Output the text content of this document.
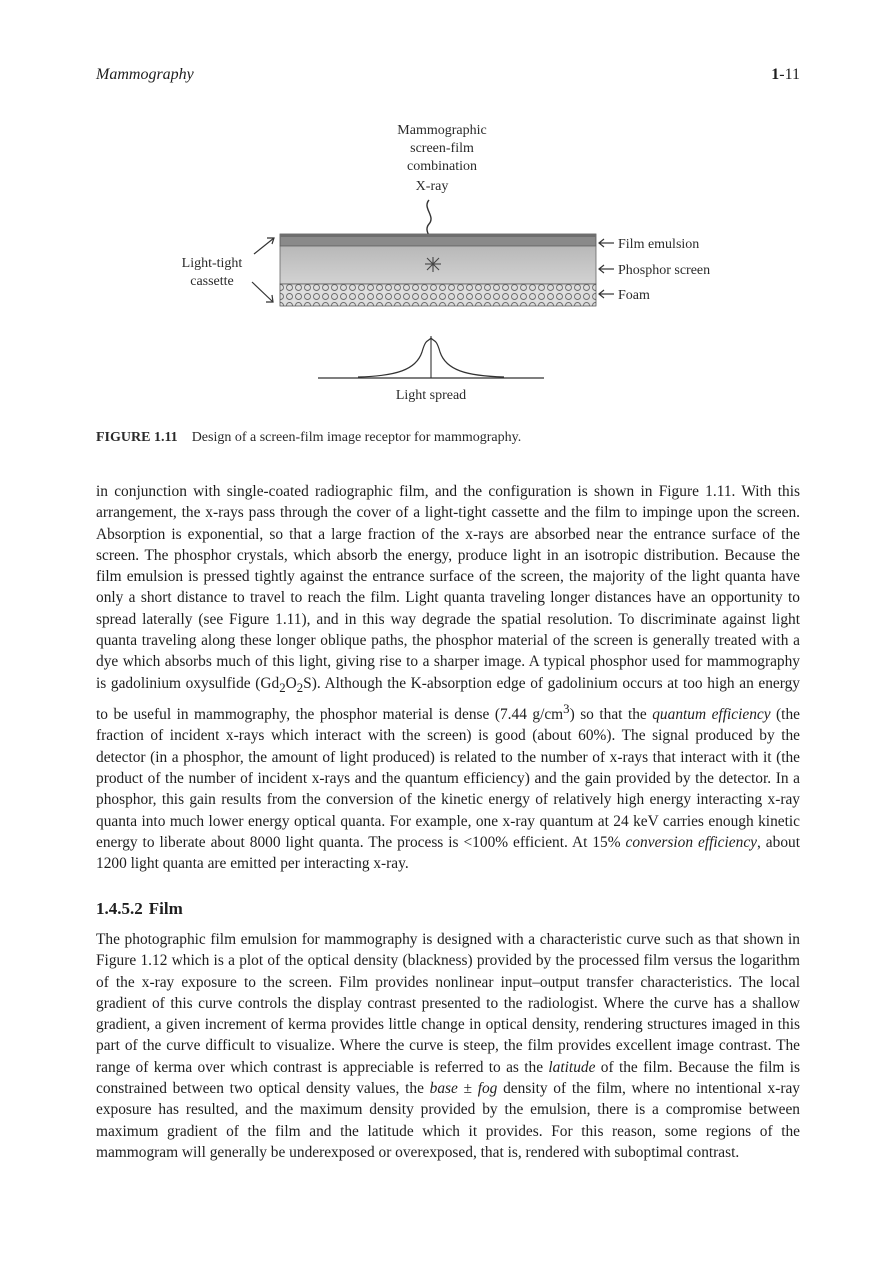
Mammography	1-11
Mammographic
screen-film
combination
X-ray
Light-tight
cassette
Film emulsion
Phosphor screen
Foam
Light spread
FIGURE 1.11 Design of a screen-film image receptor for mammography.

in conjunction with single-coated radiographic film, and the configuration is shown in Figure 1.11. With this arrangement, the x-rays pass through the cover of a light-tight cassette and the film to impinge upon the screen. Absorption is exponential, so that a large fraction of the x-rays are absorbed near the entrance surface of the screen. The phosphor crystals, which absorb the energy, produce light in an isotropic distribution. Because the film emulsion is pressed tightly against the entrance surface of the screen, the majority of the light quanta have only a short distance to travel to reach the film. Light quanta traveling longer distances have an opportunity to spread laterally (see Figure 1.11), and in this way degrade the spatial resolution. To discriminate against light quanta traveling along these longer oblique paths, the phosphor material of the screen is generally treated with a dye which absorbs much of this light, giving rise to a sharper image. A typical phosphor used for mammography is gadolinium oxysulfide $(Gd_2O_2S)$. Although the K-absorption edge of gadolinium occurs at too high an energy to be useful in mammography, the phosphor material is dense (7.44 $g/cm^3$) so that the quantum efficiency (the fraction of incident x-rays which interact with the screen) is good (about 60%). The signal produced by the detector (in a phosphor, the amount of light produced) is related to the number of x-rays that interact with it (the product of the number of incident x-rays and the quantum efficiency) and the gain provided by the detector. In a phosphor, this gain results from the conversion of the kinetic energy of relatively high energy interacting x-ray quanta into much lower energy optical quanta. For example, one x-ray quantum at 24 keV carries enough kinetic energy to liberate about 8000 light quanta. The process is <100% efficient. At 15% conversion efficiency, about 1200 light quanta are emitted per interacting x-ray.

1.4.5.2 Film

The photographic film emulsion for mammography is designed with a characteristic curve such as that shown in Figure 1.12 which is a plot of the optical density (blackness) provided by the processed film versus the logarithm of the x-ray exposure to the screen. Film provides nonlinear input–output transfer characteristics. The local gradient of this curve controls the display contrast presented to the radiologist. Where the curve has a shallow gradient, a given increment of kerma provides little change in optical density, rendering structures imaged in this part of the curve difficult to visualize. Where the curve is steep, the film provides excellent image contrast. The range of kerma over which contrast is appreciable is referred to as the latitude of the film. Because the film is constrained between two optical density values, the base ± fog density of the film, where no intentional x-ray exposure has resulted, and the maximum density provided by the emulsion, there is a compromise between maximum gradient of the film and the latitude which it provides. For this reason, some regions of the mammogram will generally be underexposed or overexposed, that is, rendered with suboptimal contrast.
